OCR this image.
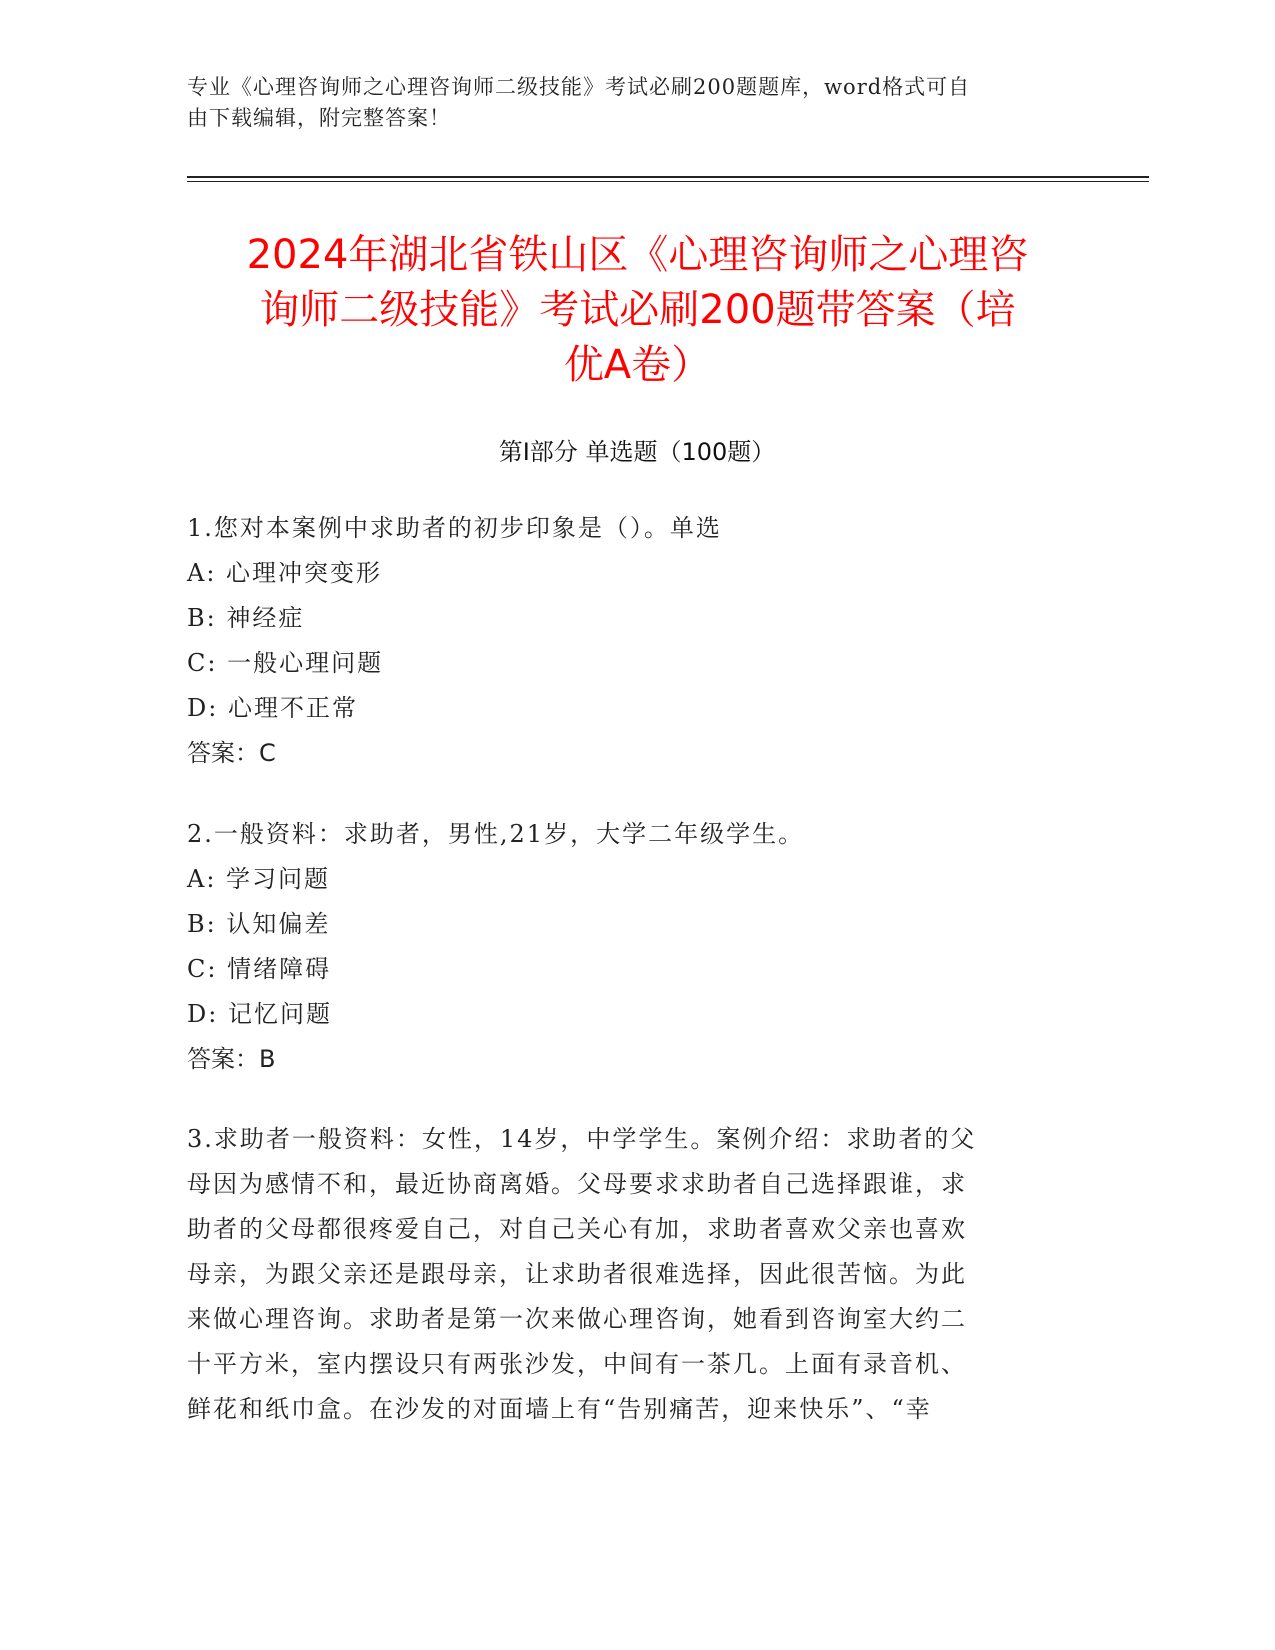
专业《心理咨询师之心理咨询师二级技能》考试必刷200题题库，word格式可自
由下载编辑，附完整答案！
2024年湖北省铁山区《心理咨询师之心理咨
询师二级技能》考试必刷200题带答案（培
优A卷）
第Ⅰ部分 单选题（100题）
1.您对本案例中求助者的初步印象是（）。单选
A: 心理冲突变形
B: 神经症
C: 一般心理问题
D: 心理不正常
答案：C
2.一般资料：求助者，男性,21岁，大学二年级学生。
A: 学习问题
B: 认知偏差
C: 情绪障碍
D: 记忆问题
答案：B
3.求助者一般资料：女性，14岁，中学学生。案例介绍：求助者的父
母因为感情不和，最近协商离婚。父母要求求助者自己选择跟谁，求
助者的父母都很疼爱自己，对自己关心有加，求助者喜欢父亲也喜欢
母亲，为跟父亲还是跟母亲，让求助者很难选择，因此很苦恼。为此
来做心理咨询。求助者是第一次来做心理咨询，她看到咨询室大约二
十平方米，室内摆设只有两张沙发，中间有一茶几。上面有录音机、
鲜花和纸巾盒。在沙发的对面墙上有“告别痛苦，迎来快乐”、“幸
